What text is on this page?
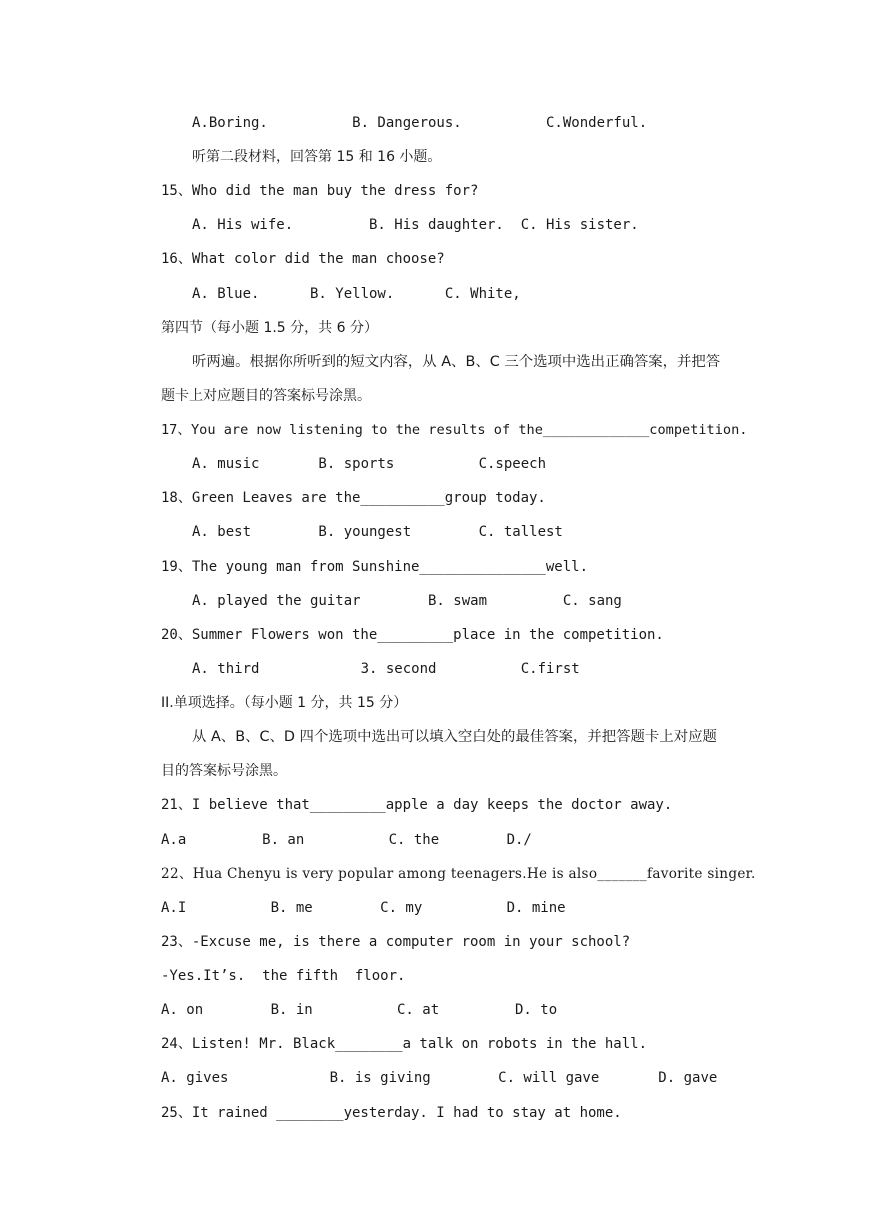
A.Boring.          B. Dangerous.          C.Wonderful.
听第二段材料，回答第 15 和 16 小题。
15、Who did the man buy the dress for?
A. His wife.         B. His daughter.  C. His sister.
16、What color did the man choose?
A. Blue.      B. Yellow.      C. White,
第四节（每小题 1.5 分，共 6 分）
听两遍。根据你所听到的短文内容，从 A、B、C 三个选项中选出正确答案，并把答
题卡上对应题目的答案标号涂黑。
17、You are now listening to the results of the_____________competition.
A. music       B. sports          C.speech
18、Green Leaves are the__________group today.
A. best        B. youngest        C. tallest
19、The young man from Sunshine_______________well.
A. played the guitar        B. swam         C. sang
20、Summer Flowers won the_________place in the competition.
A. third            3. second          C.first
II.单项选择。（每小题 1 分，共 15 分）
从 A、B、C、D 四个选项中选出可以填入空白处的最佳答案，并把答题卡上对应题
目的答案标号涂黑。
21、I believe that_________apple a day keeps the doctor away.
A.a         B. an          C. the        D./
22、Hua Chenyu is very popular among teenagers.He is also_______favorite singer.
A.I          B. me        C. my          D. mine
23、-Excuse me, is there a computer room in your school?
-Yes.It’s.  the fifth  floor.
A. on        B. in          C. at         D. to
24、Listen! Mr. Black________a talk on robots in the hall.
A. gives            B. is giving        C. will gave       D. gave
25、It rained ________yesterday. I had to stay at home.
